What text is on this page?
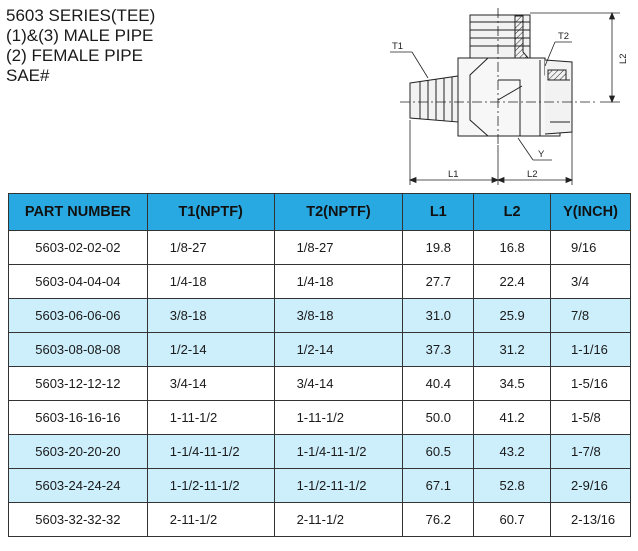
5603 SERIES(TEE)
(1)&(3) MALE PIPE
(2) FEMALE PIPE
SAE#
T1
T2
Y
L1	L2
L2
PART NUMBER	T1(NPTF)	T2(NPTF)	L1	L2	Y(INCH)
5603-02-02-02	1/8-27	1/8-27	19.8	16.8	9/16
5603-04-04-04	1/4-18	1/4-18	27.7	22.4	3/4
5603-06-06-06	3/8-18	3/8-18	31.0	25.9	7/8
5603-08-08-08	1/2-14	1/2-14	37.3	31.2	1-1/16
5603-12-12-12	3/4-14	3/4-14	40.4	34.5	1-5/16
5603-16-16-16	1-11-1/2	1-11-1/2	50.0	41.2	1-5/8
5603-20-20-20	1-1/4-11-1/2	1-1/4-11-1/2	60.5	43.2	1-7/8
5603-24-24-24	1-1/2-11-1/2	1-1/2-11-1/2	67.1	52.8	2-9/16
5603-32-32-32	2-11-1/2	2-11-1/2	76.2	60.7	2-13/16
